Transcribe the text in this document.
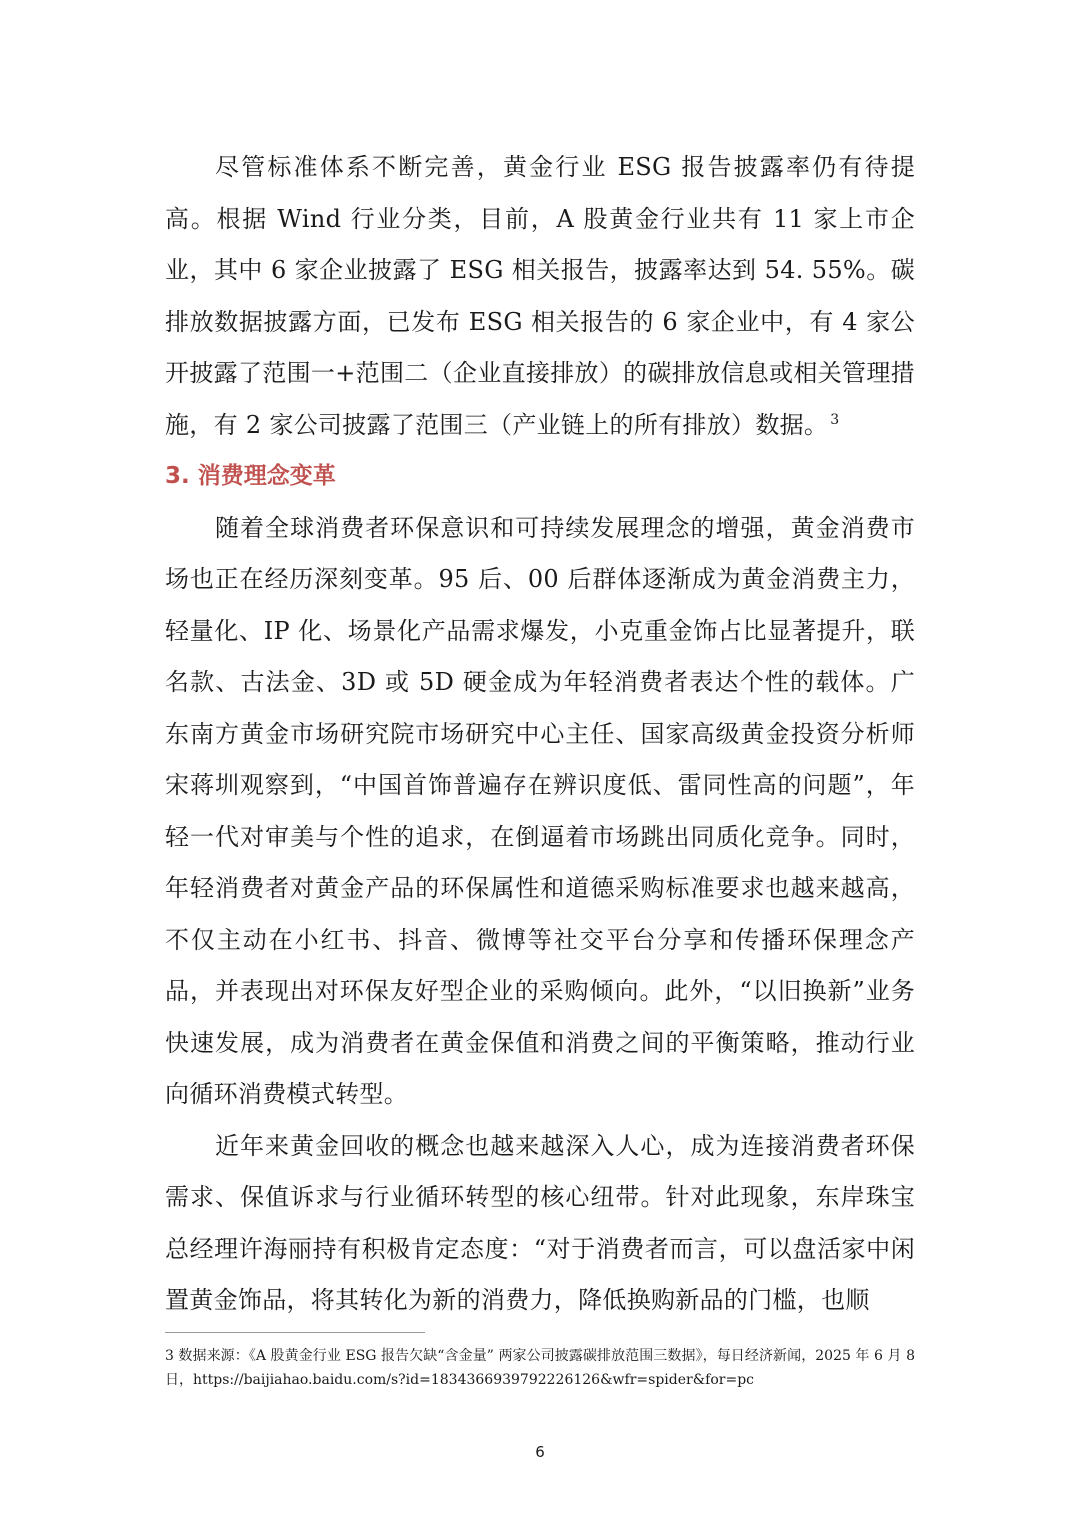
尽管标准体系不断完善，黄金行业 ESG 报告披露率仍有待提高。根据 Wind 行业分类，目前，A 股黄金行业共有 11 家上市企业，其中 6 家企业披露了 ESG 相关报告，披露率达到 54. 55%。碳排放数据披露方面，已发布 ESG 相关报告的 6 家企业中，有 4 家公开披露了范围一+范围二（企业直接排放）的碳排放信息或相关管理措施，有 2 家公司披露了范围三（产业链上的所有排放）数据。 $^3$

3. 消费理念变革

随着全球消费者环保意识和可持续发展理念的增强，黄金消费市场也正在经历深刻变革。95 后、00 后群体逐渐成为黄金消费主力，轻量化、IP 化、场景化产品需求爆发，小克重金饰占比显著提升，联名款、古法金、3D 或 5D 硬金成为年轻消费者表达个性的载体。广东南方黄金市场研究院市场研究中心主任、国家高级黄金投资分析师宋蒋圳观察到，“中国首饰普遍存在辨识度低、雷同性高的问题”，年轻一代对审美与个性的追求，在倒逼着市场跳出同质化竞争。同时，年轻消费者对黄金产品的环保属性和道德采购标准要求也越来越高，不仅主动在小红书、抖音、微博等社交平台分享和传播环保理念产品，并表现出对环保友好型企业的采购倾向。此外，“以旧换新”业务快速发展，成为消费者在黄金保值和消费之间的平衡策略，推动行业向循环消费模式转型。

近年来黄金回收的概念也越来越深入人心，成为连接消费者环保需求、保值诉求与行业循环转型的核心纽带。针对此现象，东岸珠宝总经理许海丽持有积极肯定态度：“对于消费者而言，可以盘活家中闲置黄金饰品，将其转化为新的消费力，降低换购新品的门槛，也顺

3 数据来源：《A 股黄金行业 ESG 报告欠缺“含金量” 两家公司披露碳排放范围三数据》，每日经济新闻，2025 年 6 月 8 日，https://baijiahao.baidu.com/s?id=1834366939792226126&wfr=spider&for=pc
6
